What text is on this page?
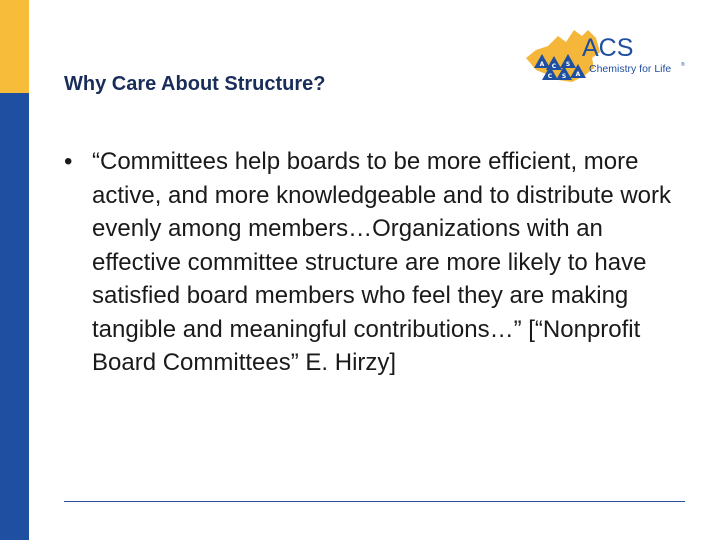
Why Care About Structure?
A C S
C S A
ACS
Chemistry for Life ®
• “Committees help boards to be more efficient, more active, and more knowledgeable and to distribute work evenly among members…Organizations with an effective committee structure are more likely to have satisfied board members who feel they are making tangible and meaningful contributions…” [“Nonprofit Board Committees” E. Hirzy]
